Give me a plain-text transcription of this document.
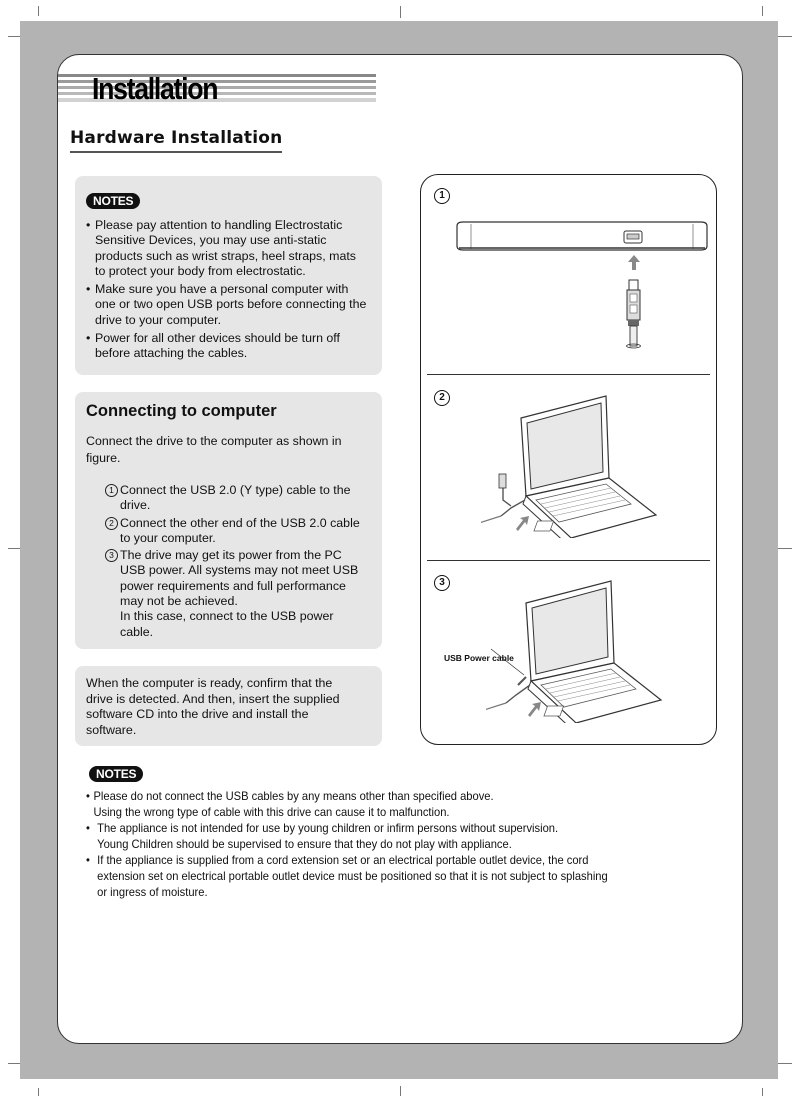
Installation
Hardware Installation
NOTES
• Please pay attention to handling Electrostatic Sensitive Devices, you may use anti-static products such as wrist straps, heel straps, mats to protect your body from electrostatic.
• Make sure you have a personal computer with one or two open USB ports before connecting the drive to your computer.
• Power for all other devices should be turn off before attaching the cables.
Connecting to computer

Connect the drive to the computer as shown in figure.

1 Connect the USB 2.0 (Y type) cable to the drive.
2 Connect the other end of the USB 2.0 cable to your computer.
3 The drive may get its power from the PC USB power. All systems may not meet USB power requirements and full performance may not be achieved.
In this case, connect to the USB power cable.

When the computer is ready, confirm that the drive is detected. And then, insert the supplied software CD into the drive and install the software.

1
2
3
USB Power cable
NOTES
• Please do not connect the USB cables by any means other than specified above.
Using the wrong type of cable with this drive can cause it to malfunction.
• The appliance is not intended for use by young children or infirm persons without supervision.
Young Children should be supervised to ensure that they do not play with appliance.
• If the appliance is supplied from a cord extension set or an electrical portable outlet device, the cord
extension set on electrical portable outlet device must be positioned so that it is not subject to splashing
or ingress of moisture.
